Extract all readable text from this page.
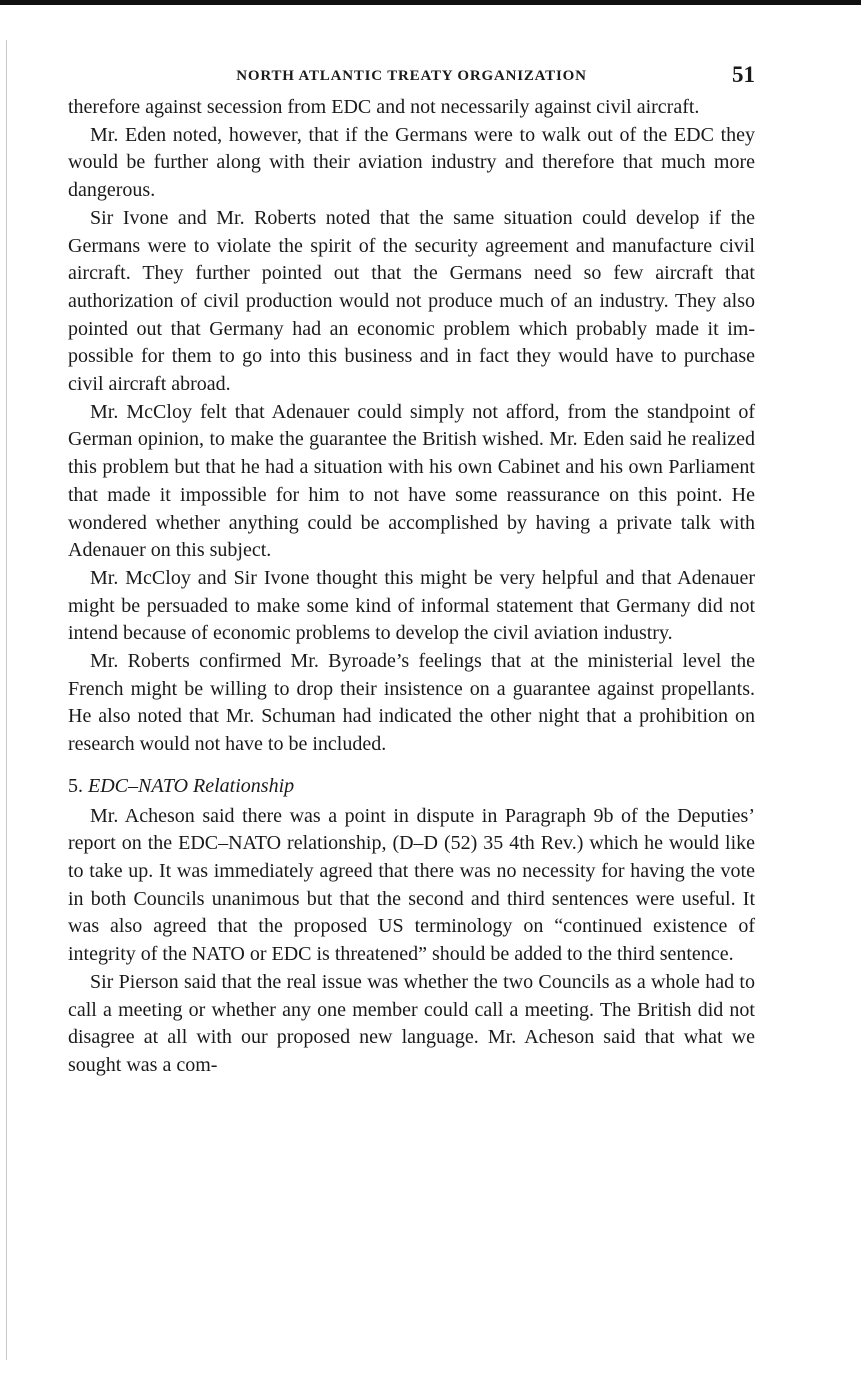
NORTH ATLANTIC TREATY ORGANIZATION	51

therefore against secession from EDC and not necessarily against civil aircraft.

Mr. Eden noted, however, that if the Germans were to walk out of the EDC they would be further along with their aviation industry and therefore that much more dangerous.

Sir Ivone and Mr. Roberts noted that the same situation could develop if the Germans were to violate the spirit of the security agreement and manufacture civil aircraft. They further pointed out that the Germans need so few aircraft that authorization of civil production would not produce much of an industry. They also pointed out that Germany had an economic problem which probably made it impossible for them to go into this business and in fact they would have to purchase civil aircraft abroad.

Mr. McCloy felt that Adenauer could simply not afford, from the standpoint of German opinion, to make the guarantee the British wished. Mr. Eden said he realized this problem but that he had a situation with his own Cabinet and his own Parliament that made it impossible for him to not have some reassurance on this point. He wondered whether anything could be accomplished by having a private talk with Adenauer on this subject.

Mr. McCloy and Sir Ivone thought this might be very helpful and that Adenauer might be persuaded to make some kind of informal statement that Germany did not intend because of economic problems to develop the civil aviation industry.

Mr. Roberts confirmed Mr. Byroade’s feelings that at the ministerial level the French might be willing to drop their insistence on a guarantee against propellants. He also noted that Mr. Schuman had indicated the other night that a prohibition on research would not have to be included.

5. EDC–NATO Relationship

Mr. Acheson said there was a point in dispute in Paragraph 9b of the Deputies’ report on the EDC–NATO relationship, (D–D (52) 35 4th Rev.) which he would like to take up. It was immediately agreed that there was no necessity for having the vote in both Councils unanimous but that the second and third sentences were useful. It was also agreed that the proposed US terminology on “continued existence of integrity of the NATO or EDC is threatened” should be added to the third sentence.

Sir Pierson said that the real issue was whether the two Councils as a whole had to call a meeting or whether any one member could call a meeting. The British did not disagree at all with our proposed new language. Mr. Acheson said that what we sought was a com-
